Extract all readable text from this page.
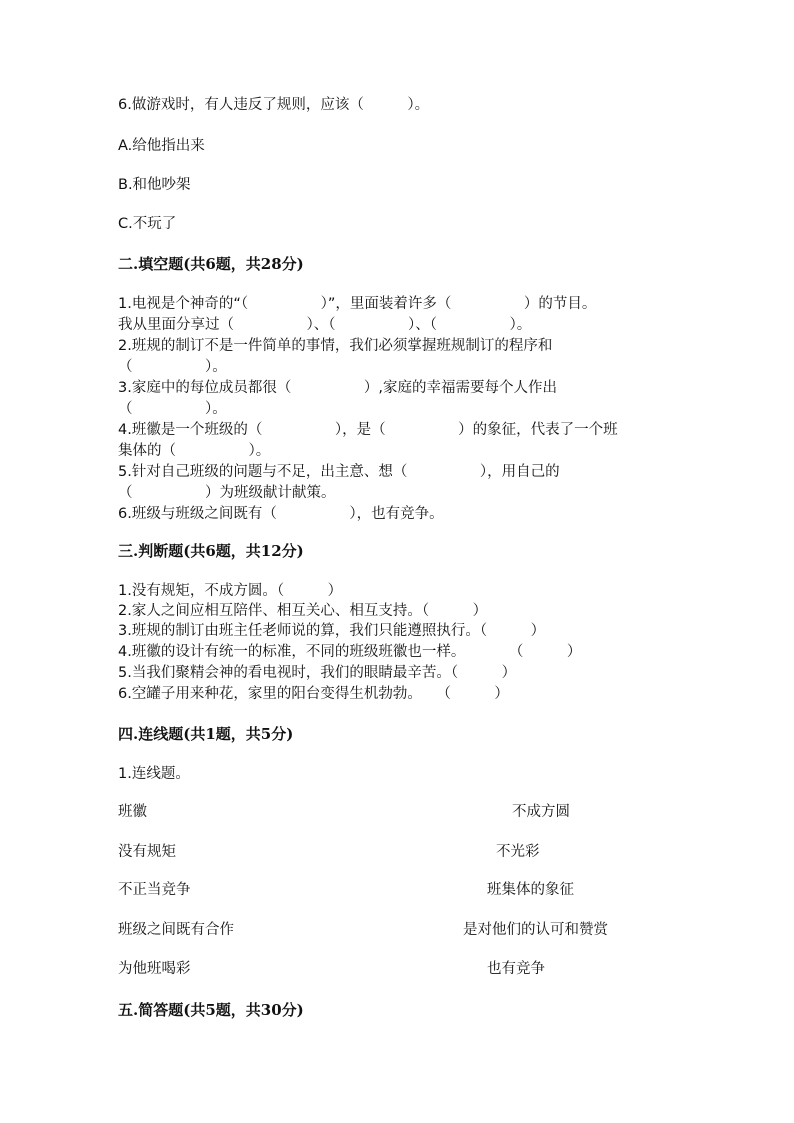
6.做游戏时，有人违反了规则，应该（　　　）。
A.给他指出来
B.和他吵架
C.不玩了
二.填空题(共6题，共28分)
1.电视是个神奇的“（　　　　　）”，里面装着许多（　　　　　）的节目。
我从里面分享过（　　　　　）、（　　　　　）、（　　　　　）。
2.班规的制订不是一件简单的事情，我们必须掌握班规制订的程序和
（　　　　　）。
3.家庭中的每位成员都很（　　　　　）,家庭的幸福需要每个人作出
（　　　　　）。
4.班徽是一个班级的（　　　　　），是（　　　　　）的象征，代表了一个班
集体的（　　　　　）。
5.针对自己班级的问题与不足，出主意、想（　　　　　），用自己的
（　　　　　）为班级献计献策。
6.班级与班级之间既有（　　　　　），也有竞争。
三.判断题(共6题，共12分)
1.没有规矩，不成方圆。（　　　）
2.家人之间应相互陪伴、相互关心、相互支持。（　　　）
3.班规的制订由班主任老师说的算，我们只能遵照执行。（　　　）
4.班徽的设计有统一的标准，不同的班级班徽也一样。　　　　（　　　）
5.当我们聚精会神的看电视时，我们的眼睛最辛苦。（　　　）
6.空罐子用来种花，家里的阳台变得生机勃勃。　　（　　　）
四.连线题(共1题，共5分)
1.连线题。
班徽
没有规矩
不正当竞争
班级之间既有合作
为他班喝彩
不成方圆
不光彩
班集体的象征
是对他们的认可和赞赏
也有竞争
五.简答题(共5题，共30分)
